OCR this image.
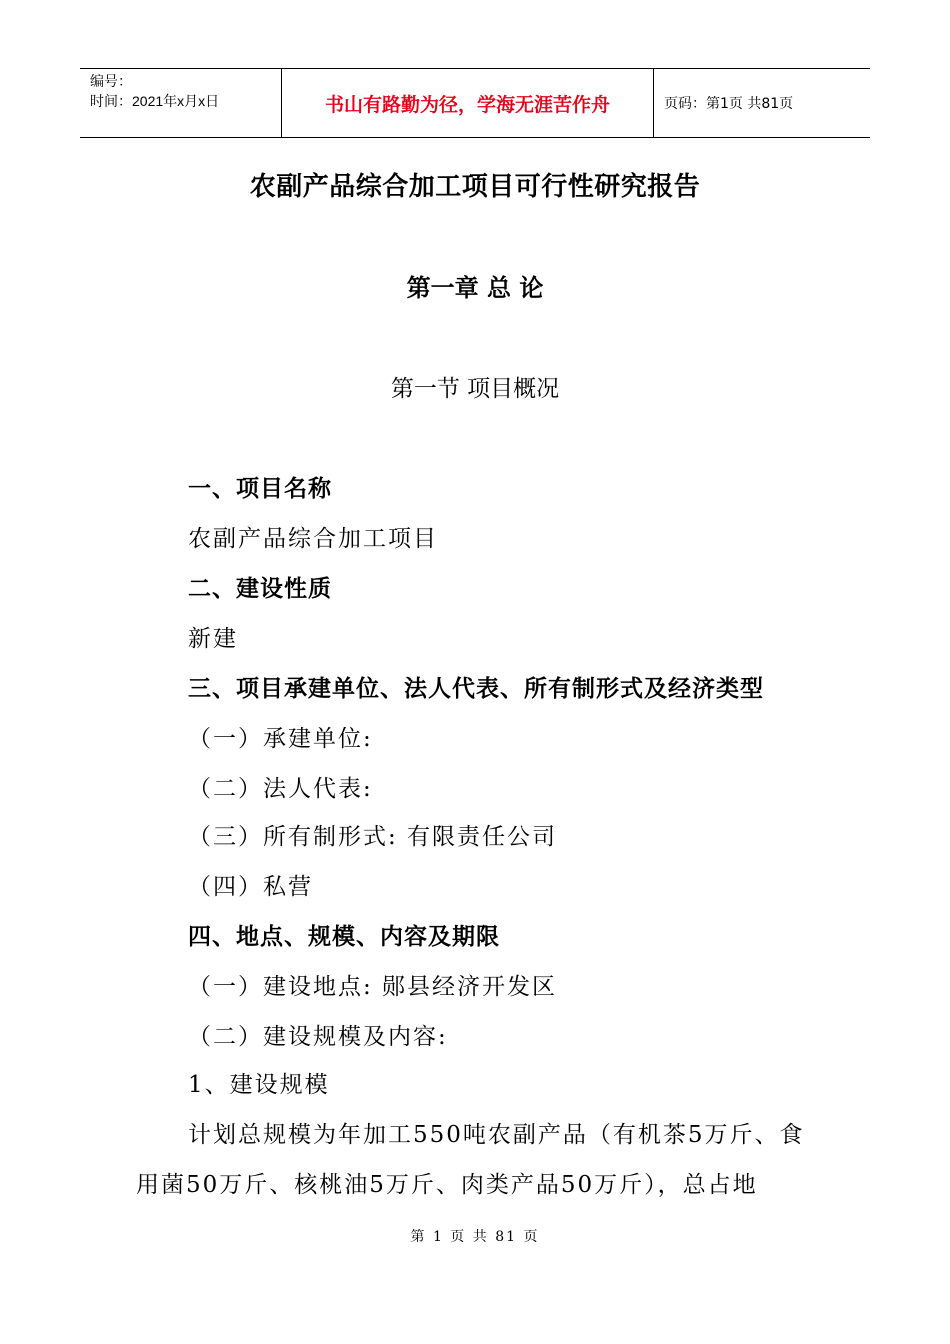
编号：
时间：2021年x月x日	书山有路勤为径，学海无涯苦作舟	页码：第1页 共81页
农副产品综合加工项目可行性研究报告
第一章 总 论
第一节 项目概况
一、项目名称
农副产品综合加工项目
二、建设性质
新建
三、项目承建单位、法人代表、所有制形式及经济类型
（一）承建单位:
（二）法人代表:
（三）所有制形式: 有限责任公司
（四）私营
四、地点、规模、内容及期限
（一）建设地点: 郧县经济开发区
（二）建设规模及内容:
1、建设规模
计划总规模为年加工550吨农副产品（有机茶5万斤、食
用菌50万斤、核桃油5万斤、肉类产品50万斤），总占地
第 1 页 共 81 页
